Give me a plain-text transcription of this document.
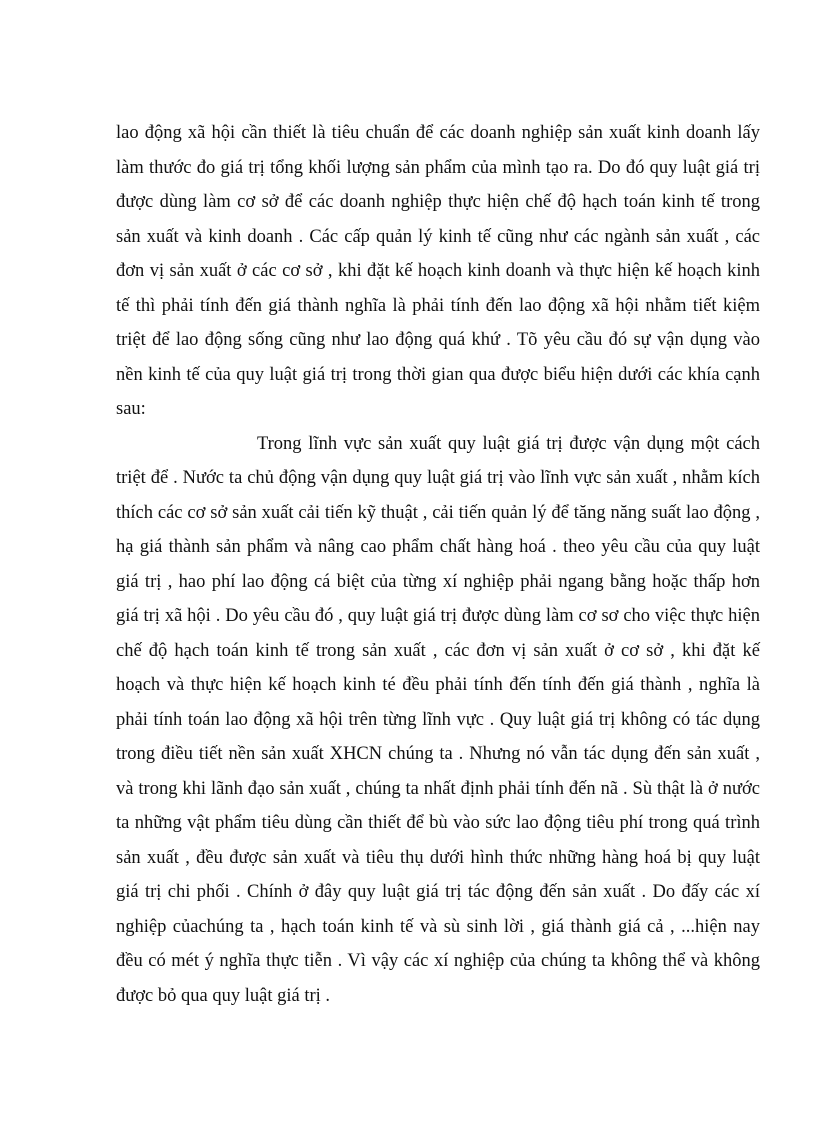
lao động xã hội cần thiết là tiêu chuẩn để các doanh nghiệp sản xuất kinh doanh lấy
làm thước đo giá trị tổng khối lượng sản phẩm của mình tạo ra. Do đó quy luật giá trị
được dùng làm cơ sở để các doanh nghiệp thực hiện chế độ hạch toán kinh tế trong
sản xuất và kinh doanh . Các cấp quản lý kinh tế cũng như các ngành sản xuất , các
đơn vị sản xuất ở các cơ sở , khi đặt kế hoạch kinh doanh và thực hiện kế hoạch kinh
tế thì phải tính đến giá thành nghĩa là phải tính đến lao động xã hội nhằm tiết kiệm
triệt để lao động sống cũng như lao động quá khứ . Tõ yêu cầu đó sự vận dụng vào
nền kinh tế của quy luật giá trị trong thời gian qua được biểu hiện dưới các khía cạnh
sau:
Trong lĩnh vực sản xuất quy luật giá trị được vận dụng một cách
triệt để . Nước ta chủ động vận dụng quy luật giá trị vào lĩnh vực sản xuất , nhằm kích
thích các cơ sở sản xuất cải tiến kỹ thuật , cải tiến quản lý để tăng năng suất lao động ,
hạ giá thành sản phẩm và nâng cao phẩm chất hàng hoá . theo yêu cầu của quy luật
giá trị , hao phí lao động cá biệt của từng xí nghiệp phải ngang bằng hoặc thấp hơn
giá trị xã hội . Do yêu cầu đó , quy luật giá trị được dùng làm cơ sơ cho việc thực hiện
chế độ hạch toán kinh tế trong sản xuất , các đơn vị sản xuất ở cơ sở , khi đặt kế
hoạch và thực hiện kế hoạch kinh té đều phải tính đến tính đến giá thành , nghĩa là
phải tính toán lao động xã hội trên từng lĩnh vực . Quy luật giá trị không có tác dụng
trong điều tiết nền sản xuất XHCN chúng ta . Nhưng nó vẫn tác dụng đến sản xuất ,
và trong khi lãnh đạo sản xuất , chúng ta nhất định phải tính đến nã . Sù thật là ở nước
ta những vật phẩm tiêu dùng cần thiết để bù vào sức lao động tiêu phí trong quá trình
sản xuất , đều được sản xuất và tiêu thụ dưới hình thức những hàng hoá bị quy luật
giá trị chi phối . Chính ở đây quy luật giá trị tác động đến sản xuất . Do đấy các xí
nghiệp củachúng ta , hạch toán kinh tế và sù sinh lời , giá thành giá cả , ...hiện nay
đều có mét ý nghĩa thực tiễn . Vì vậy các xí nghiệp của chúng ta không thể và không
được bỏ qua quy luật giá trị .
